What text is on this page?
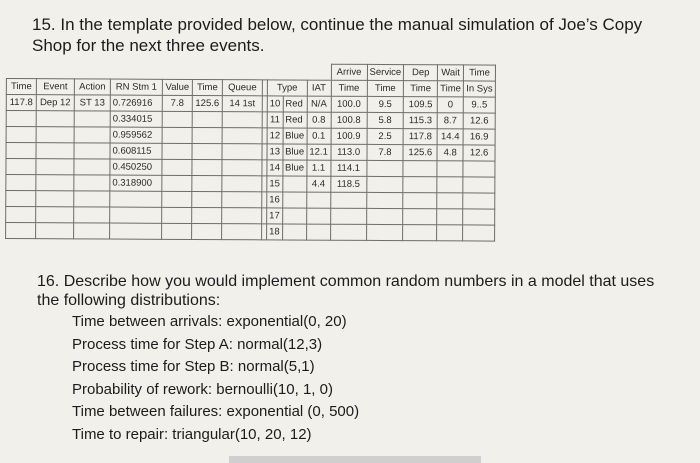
15. In the template provided below, continue the manual simulation of Joe’s Copy Shop for the next three events.
											Arrive	Service	Dep	Wait	Time
Time	Event	Action	RN Stm 1	Value	Time	Queue		Type		IAT	Time	Time	Time	Time	In Sys
117.8	Dep 12	ST 13	0.726916	7.8	125.6	14 1st		10	Red	N/A	100.0	9.5	109.5	0	9..5
			0.334015					11	Red	0.8	100.8	5.8	115.3	8.7	12.6
			0.959562					12	Blue	0.1	100.9	2.5	117.8	14.4	16.9
			0.608115					13	Blue	12.1	113.0	7.8	125.6	4.8	12.6
			0.450250					14	Blue	1.1	114.1				
			0.318900					15		4.4	118.5				
								16							
								17							
								18							
16. Describe how you would implement common random numbers in a model that uses the following distributions:
Time between arrivals: exponential(0, 20)
Process time for Step A: normal(12,3)
Process time for Step B: normal(5,1)
Probability of rework: bernoulli(10, 1, 0)
Time between failures: exponential (0, 500)
Time to repair: triangular(10, 20, 12)
